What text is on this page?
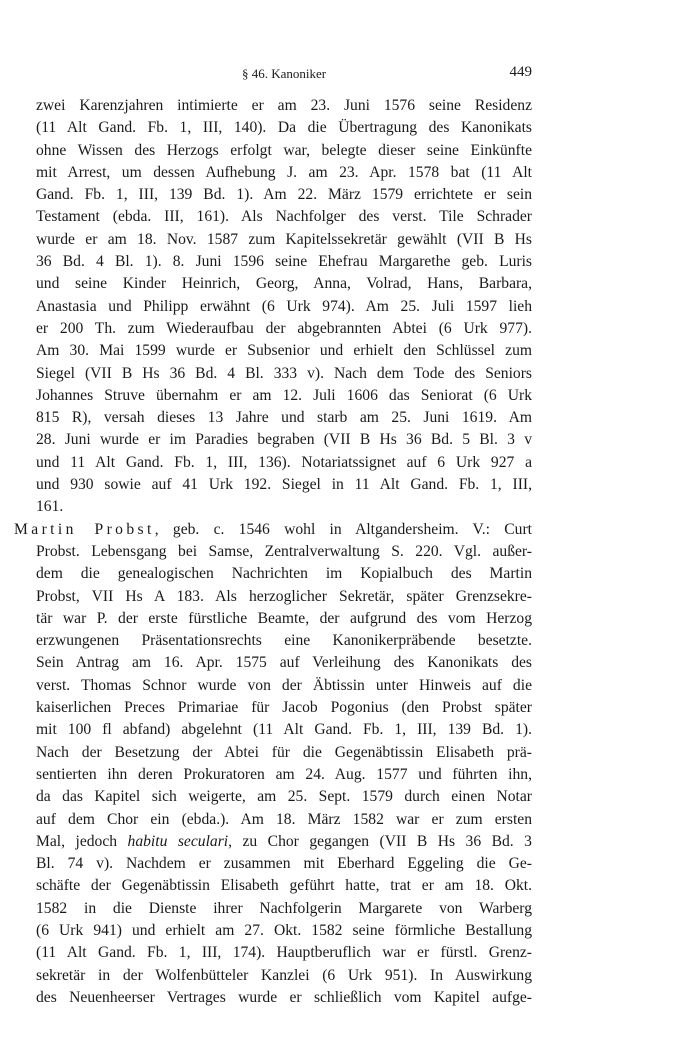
§ 46. Kanoniker	449
zwei Karenzjahren intimierte er am 23. Juni 1576 seine Residenz
(11 Alt Gand. Fb. 1, III, 140). Da die Übertragung des Kanonikats
ohne Wissen des Herzogs erfolgt war, belegte dieser seine Einkünfte
mit Arrest, um dessen Aufhebung J. am 23. Apr. 1578 bat (11 Alt
Gand. Fb. 1, III, 139 Bd. 1). Am 22. März 1579 errichtete er sein
Testament (ebda. III, 161). Als Nachfolger des verst. Tile Schrader
wurde er am 18. Nov. 1587 zum Kapitelssekretär gewählt (VII B Hs
36 Bd. 4 Bl. 1). 8. Juni 1596 seine Ehefrau Margarethe geb. Luris
und seine Kinder Heinrich, Georg, Anna, Volrad, Hans, Barbara,
Anastasia und Philipp erwähnt (6 Urk 974). Am 25. Juli 1597 lieh
er 200 Th. zum Wiederaufbau der abgebrannten Abtei (6 Urk 977).
Am 30. Mai 1599 wurde er Subsenior und erhielt den Schlüssel zum
Siegel (VII B Hs 36 Bd. 4 Bl. 333 v). Nach dem Tode des Seniors
Johannes Struve übernahm er am 12. Juli 1606 das Seniorat (6 Urk
815 R), versah dieses 13 Jahre und starb am 25. Juni 1619. Am
28. Juni wurde er im Paradies begraben (VII B Hs 36 Bd. 5 Bl. 3 v
und 11 Alt Gand. Fb. 1, III, 136). Notariatssignet auf 6 Urk 927 a
und 930 sowie auf 41 Urk 192. Siegel in 11 Alt Gand. Fb. 1, III,
161.
Martin Probst, geb. c. 1546 wohl in Altgandersheim. V.: Curt
Probst. Lebensgang bei Samse, Zentralverwaltung S. 220. Vgl. außer-
dem die genealogischen Nachrichten im Kopialbuch des Martin
Probst, VII Hs A 183. Als herzoglicher Sekretär, später Grenzsekre-
tär war P. der erste fürstliche Beamte, der aufgrund des vom Herzog
erzwungenen Präsentationsrechts eine Kanonikerpräbende besetzte.
Sein Antrag am 16. Apr. 1575 auf Verleihung des Kanonikats des
verst. Thomas Schnor wurde von der Äbtissin unter Hinweis auf die
kaiserlichen Preces Primariae für Jacob Pogonius (den Probst später
mit 100 fl abfand) abgelehnt (11 Alt Gand. Fb. 1, III, 139 Bd. 1).
Nach der Besetzung der Abtei für die Gegenäbtissin Elisabeth prä-
sentierten ihn deren Prokuratoren am 24. Aug. 1577 und führten ihn,
da das Kapitel sich weigerte, am 25. Sept. 1579 durch einen Notar
auf dem Chor ein (ebda.). Am 18. März 1582 war er zum ersten
Mal, jedoch habitu seculari, zu Chor gegangen (VII B Hs 36 Bd. 3
Bl. 74 v). Nachdem er zusammen mit Eberhard Eggeling die Ge-
schäfte der Gegenäbtissin Elisabeth geführt hatte, trat er am 18. Okt.
1582 in die Dienste ihrer Nachfolgerin Margarete von Warberg
(6 Urk 941) und erhielt am 27. Okt. 1582 seine förmliche Bestallung
(11 Alt Gand. Fb. 1, III, 174). Hauptberuflich war er fürstl. Grenz-
sekretär in der Wolfenbütteler Kanzlei (6 Urk 951). In Auswirkung
des Neuenheerser Vertrages wurde er schließlich vom Kapitel aufge-
